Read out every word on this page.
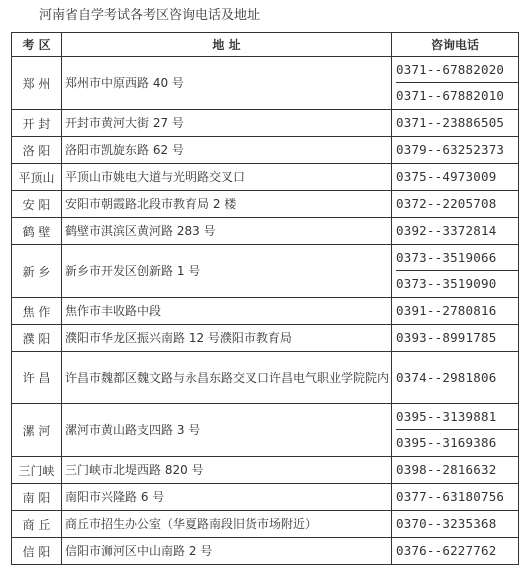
河南省自学考试各考区咨询电话及地址
考 区	地 址	咨询电话
郑 州	郑州市中原西路 40 号	0371--67882020
0371--67882010

开 封	开封市黄河大街 27 号	0371--23886505

洛 阳	洛阳市凯旋东路 62 号	0379--63252373

平顶山	平顶山市姚电大道与光明路交叉口	0375--4973009

安 阳	安阳市朝霞路北段市教育局 2 楼	0372--2205708

鹤 壁	鹤壁市淇滨区黄河路 283 号	0392--3372814

新 乡	新乡市开发区创新路 1 号	0373--3519066
0373--3519090

焦 作	焦作市丰收路中段	0391--2780816

濮 阳	濮阳市华龙区振兴南路 12 号濮阳市教育局	0393--8991785

许 昌	许昌市魏都区魏文路与永昌东路交叉口许昌电气职业学院院内	0374--2981806

漯 河	漯河市黄山路支四路 3 号	0395--3139881
0395--3169386

三门峡	三门峡市北堤西路 820 号	0398--2816632

南 阳	南阳市兴隆路 6 号	0377--63180756

商 丘	商丘市招生办公室（华夏路南段旧货市场附近）	0370--3235368

信 阳	信阳市浉河区中山南路 2 号	0376--6227762
